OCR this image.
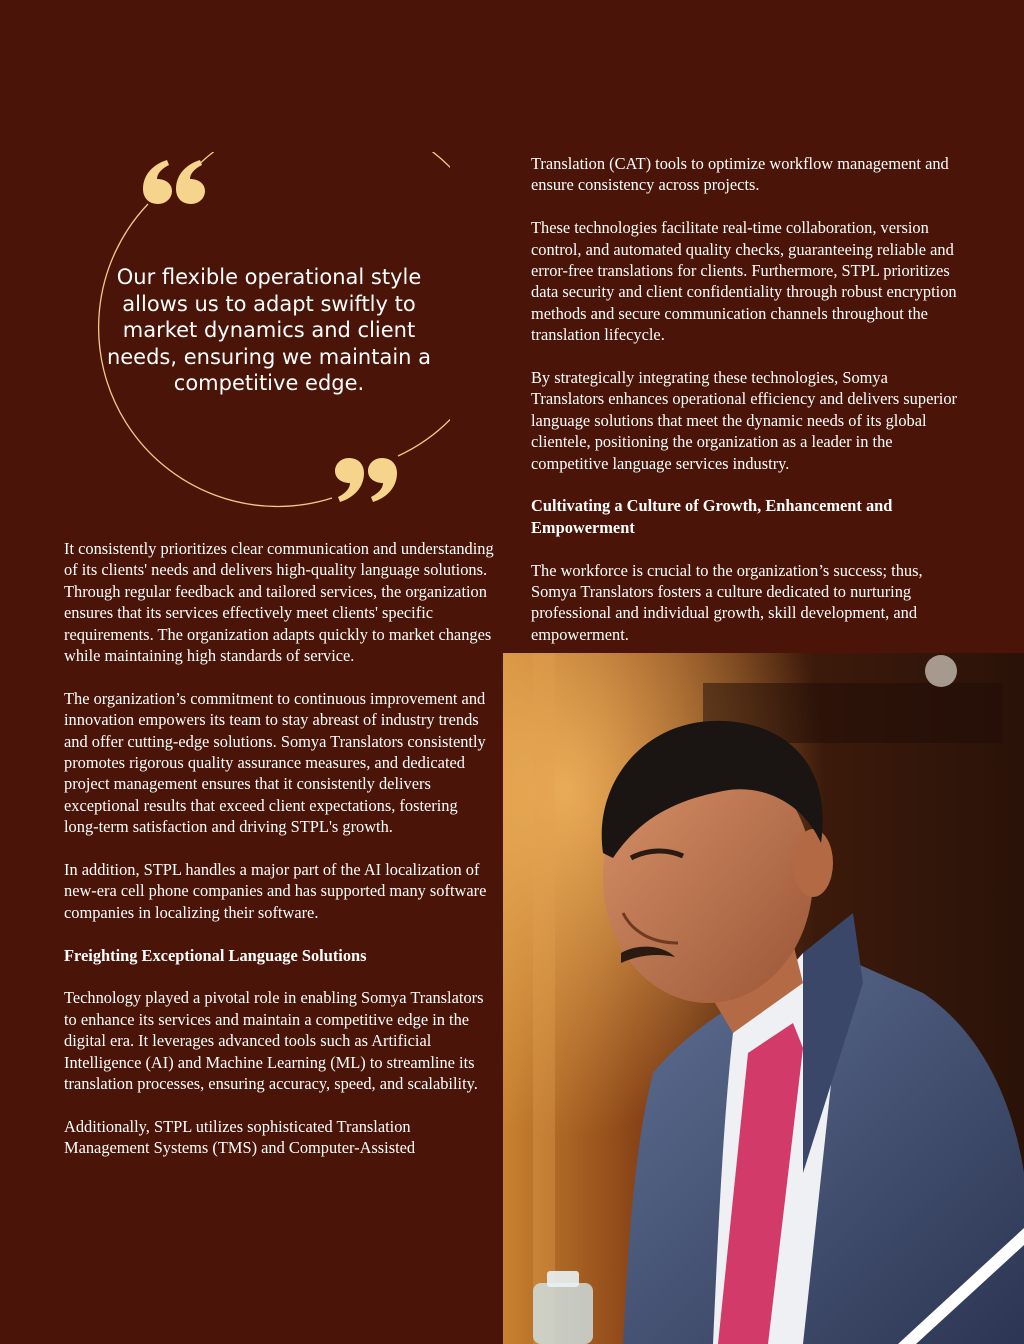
Our flexible operational style allows us to adapt swiftly to market dynamics and client needs, ensuring we maintain a competitive edge.

It consistently prioritizes clear communication and understanding of its clients' needs and delivers high-quality language solutions. Through regular feedback and tailored services, the organization ensures that its services effectively meet clients' specific requirements. The organization adapts quickly to market changes while maintaining high standards of service.

The organization’s commitment to continuous improvement and innovation empowers its team to stay abreast of industry trends and offer cutting-edge solutions. Somya Translators consistently promotes rigorous quality assurance measures, and dedicated project management ensures that it consistently delivers exceptional results that exceed client expectations, fostering long-term satisfaction and driving STPL's growth.

In addition, STPL handles a major part of the AI localization of new-era cell phone companies and has supported many software companies in localizing their software.

Freighting Exceptional Language Solutions

Technology played a pivotal role in enabling Somya Translators to enhance its services and maintain a competitive edge in the digital era. It leverages advanced tools such as Artificial Intelligence (AI) and Machine Learning (ML) to streamline its translation processes, ensuring accuracy, speed, and scalability.

Additionally, STPL utilizes sophisticated Translation Management Systems (TMS) and Computer-Assisted

Translation (CAT) tools to optimize workflow management and ensure consistency across projects.

These technologies facilitate real-time collaboration, version control, and automated quality checks, guaranteeing reliable and error-free translations for clients. Furthermore, STPL prioritizes data security and client confidentiality through robust encryption methods and secure communication channels throughout the translation lifecycle.

By strategically integrating these technologies, Somya Translators enhances operational efficiency and delivers superior language solutions that meet the dynamic needs of its global clientele, positioning the organization as a leader in the competitive language services industry.

Cultivating a Culture of Growth, Enhancement and Empowerment

The workforce is crucial to the organization’s success; thus, Somya Translators fosters a culture dedicated to nurturing professional and individual growth, skill development, and empowerment.
